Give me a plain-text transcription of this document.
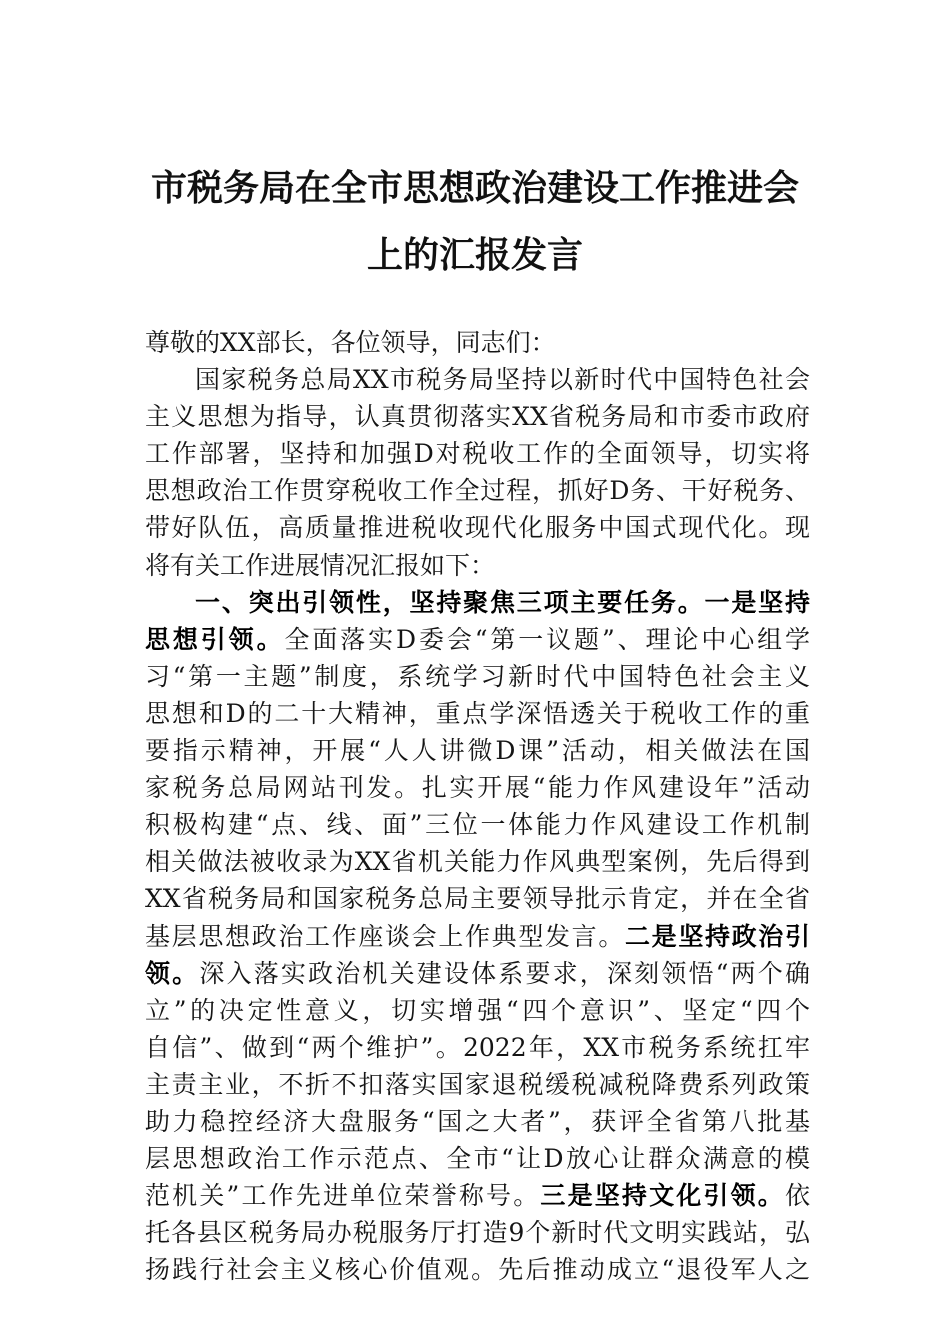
市税务局在全市思想政治建设工作推进会
上的汇报发言
尊敬的XX部长，各位领导，同志们：
国家税务总局XX市税务局坚持以新时代中国特色社会
主义思想为指导，认真贯彻落实XX省税务局和市委市政府
工作部署，坚持和加强D对税收工作的全面领导，切实将
思想政治工作贯穿税收工作全过程，抓好D务、干好税务、
带好队伍，高质量推进税收现代化服务中国式现代化。现
将有关工作进展情况汇报如下：
一、突出引领性，坚持聚焦三项主要任务。一是坚持
思想引领。全面落实D委会“第一议题”、理论中心组学
习“第一主题”制度，系统学习新时代中国特色社会主义
思想和D的二十大精神，重点学深悟透关于税收工作的重
要指示精神，开展“人人讲微D课”活动，相关做法在国
家税务总局网站刊发。扎实开展“能力作风建设年”活动
积极构建“点、线、面”三位一体能力作风建设工作机制
相关做法被收录为XX省机关能力作风典型案例，先后得到
XX省税务局和国家税务总局主要领导批示肯定，并在全省
基层思想政治工作座谈会上作典型发言。二是坚持政治引
领。深入落实政治机关建设体系要求，深刻领悟“两个确
立”的决定性意义，切实增强“四个意识”、坚定“四个
自信”、做到“两个维护”。2022年，XX市税务系统扛牢
主责主业，不折不扣落实国家退税缓税减税降费系列政策
助力稳控经济大盘服务“国之大者”，获评全省第八批基
层思想政治工作示范点、全市“让D放心让群众满意的模
范机关”工作先进单位荣誉称号。三是坚持文化引领。依
托各县区税务局办税服务厅打造9个新时代文明实践站，弘
扬践行社会主义核心价值观。先后推动成立“退役军人之
